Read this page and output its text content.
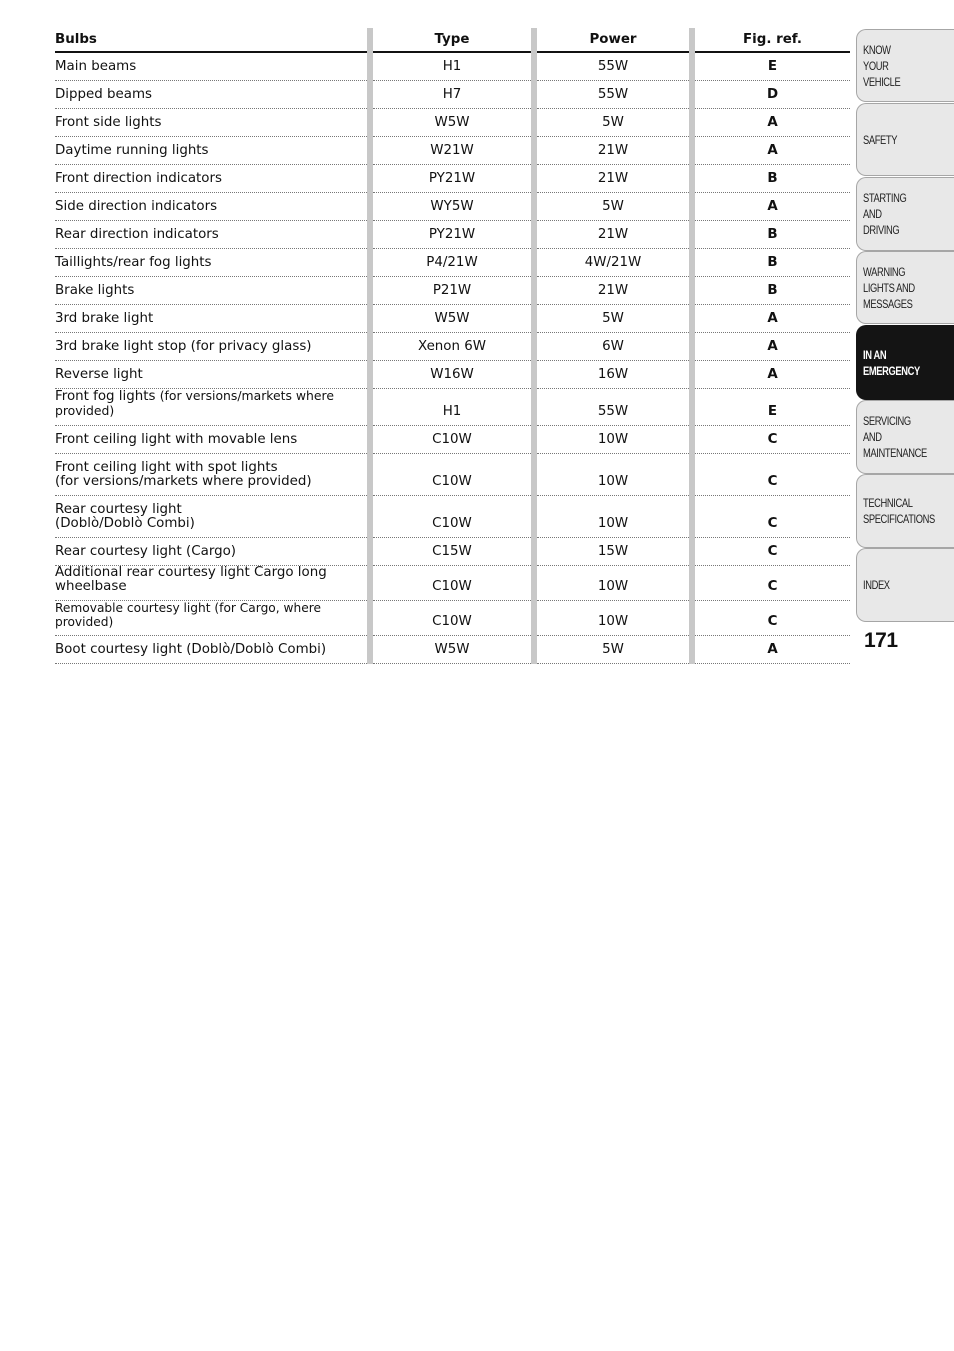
Bulbs	Type	Power	Fig. ref.

Main beams	H1	55W	E

Dipped beams	H7	55W	D

Front side lights	W5W	5W	A

Daytime running lights	W21W	21W	A

Front direction indicators	PY21W	21W	B

Side direction indicators	WY5W	5W	A

Rear direction indicators	PY21W	21W	B

Taillights/rear fog lights	P4/21W	4W/21W	B

Brake lights	P21W	21W	B

3rd brake light	W5W	5W	A

3rd brake light stop (for privacy glass)	Xenon 6W	6W	A

Reverse light	W16W	16W	A

Front fog lights (for versions/markets where provided)	H1	55W	E

Front ceiling light with movable lens	C10W	10W	C

Front ceiling light with spot lights
(for versions/markets where provided)	C10W	10W	C

Rear courtesy light
(Doblò/Doblò Combi)	C10W	10W	C

Rear courtesy light (Cargo)	C15W	15W	C

Additional rear courtesy light Cargo long wheelbase	C10W	10W	C

Removable courtesy light (for Cargo, where provided)	C10W	10W	C

Boot courtesy light (Doblò/Doblò Combi)	W5W	5W	A
KNOW
YOUR
VEHICLE
SAFETY
STARTING
AND
DRIVING
WARNING
LIGHTS AND
MESSAGES
IN AN
EMERGENCY
SERVICING
AND
MAINTENANCE
TECHNICAL
SPECIFICATIONS
INDEX
171
